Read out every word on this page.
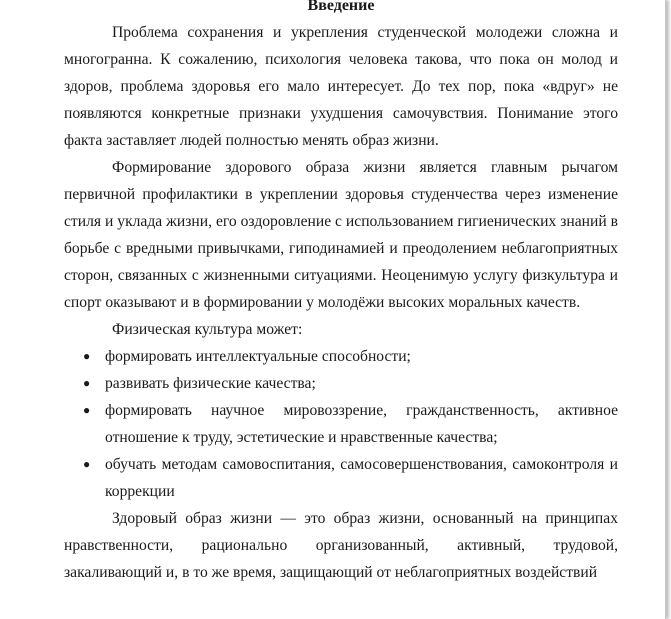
Введение

Проблема сохранения и укрепления студенческой молодежи сложна и многогранна. К сожалению, психология человека такова, что пока он молод и здоров, проблема здоровья его мало интересует. До тех пор, пока «вдруг» не появляются конкретные признаки ухудшения самочувствия. Понимание этого факта заставляет людей полностью менять образ жизни.

Формирование здорового образа жизни является главным рычагом первичной профилактики в укреплении здоровья студенчества через изменение стиля и уклада жизни, его оздоровление с использованием гигиенических знаний в борьбе с вредными привычками, гиподинамией и преодолением неблагоприятных сторон, связанных с жизненными ситуациями. Неоценимую услугу физкультура и спорт оказывают и в формировании у молодёжи высоких моральных качеств.

Физическая культура может:

● формировать интеллектуальные способности;
● развивать физические качества;
● формировать научное мировоззрение, гражданственность, активное отношение к труду, эстетические и нравственные качества;
● обучать методам самовоспитания, самосовершенствования, самоконтроля и коррекции

Здоровый образ жизни — это образ жизни, основанный на принципах нравственности, рационально организованный, активный, трудовой, закаливающий и, в то же время, защищающий от неблагоприятных воздействий
